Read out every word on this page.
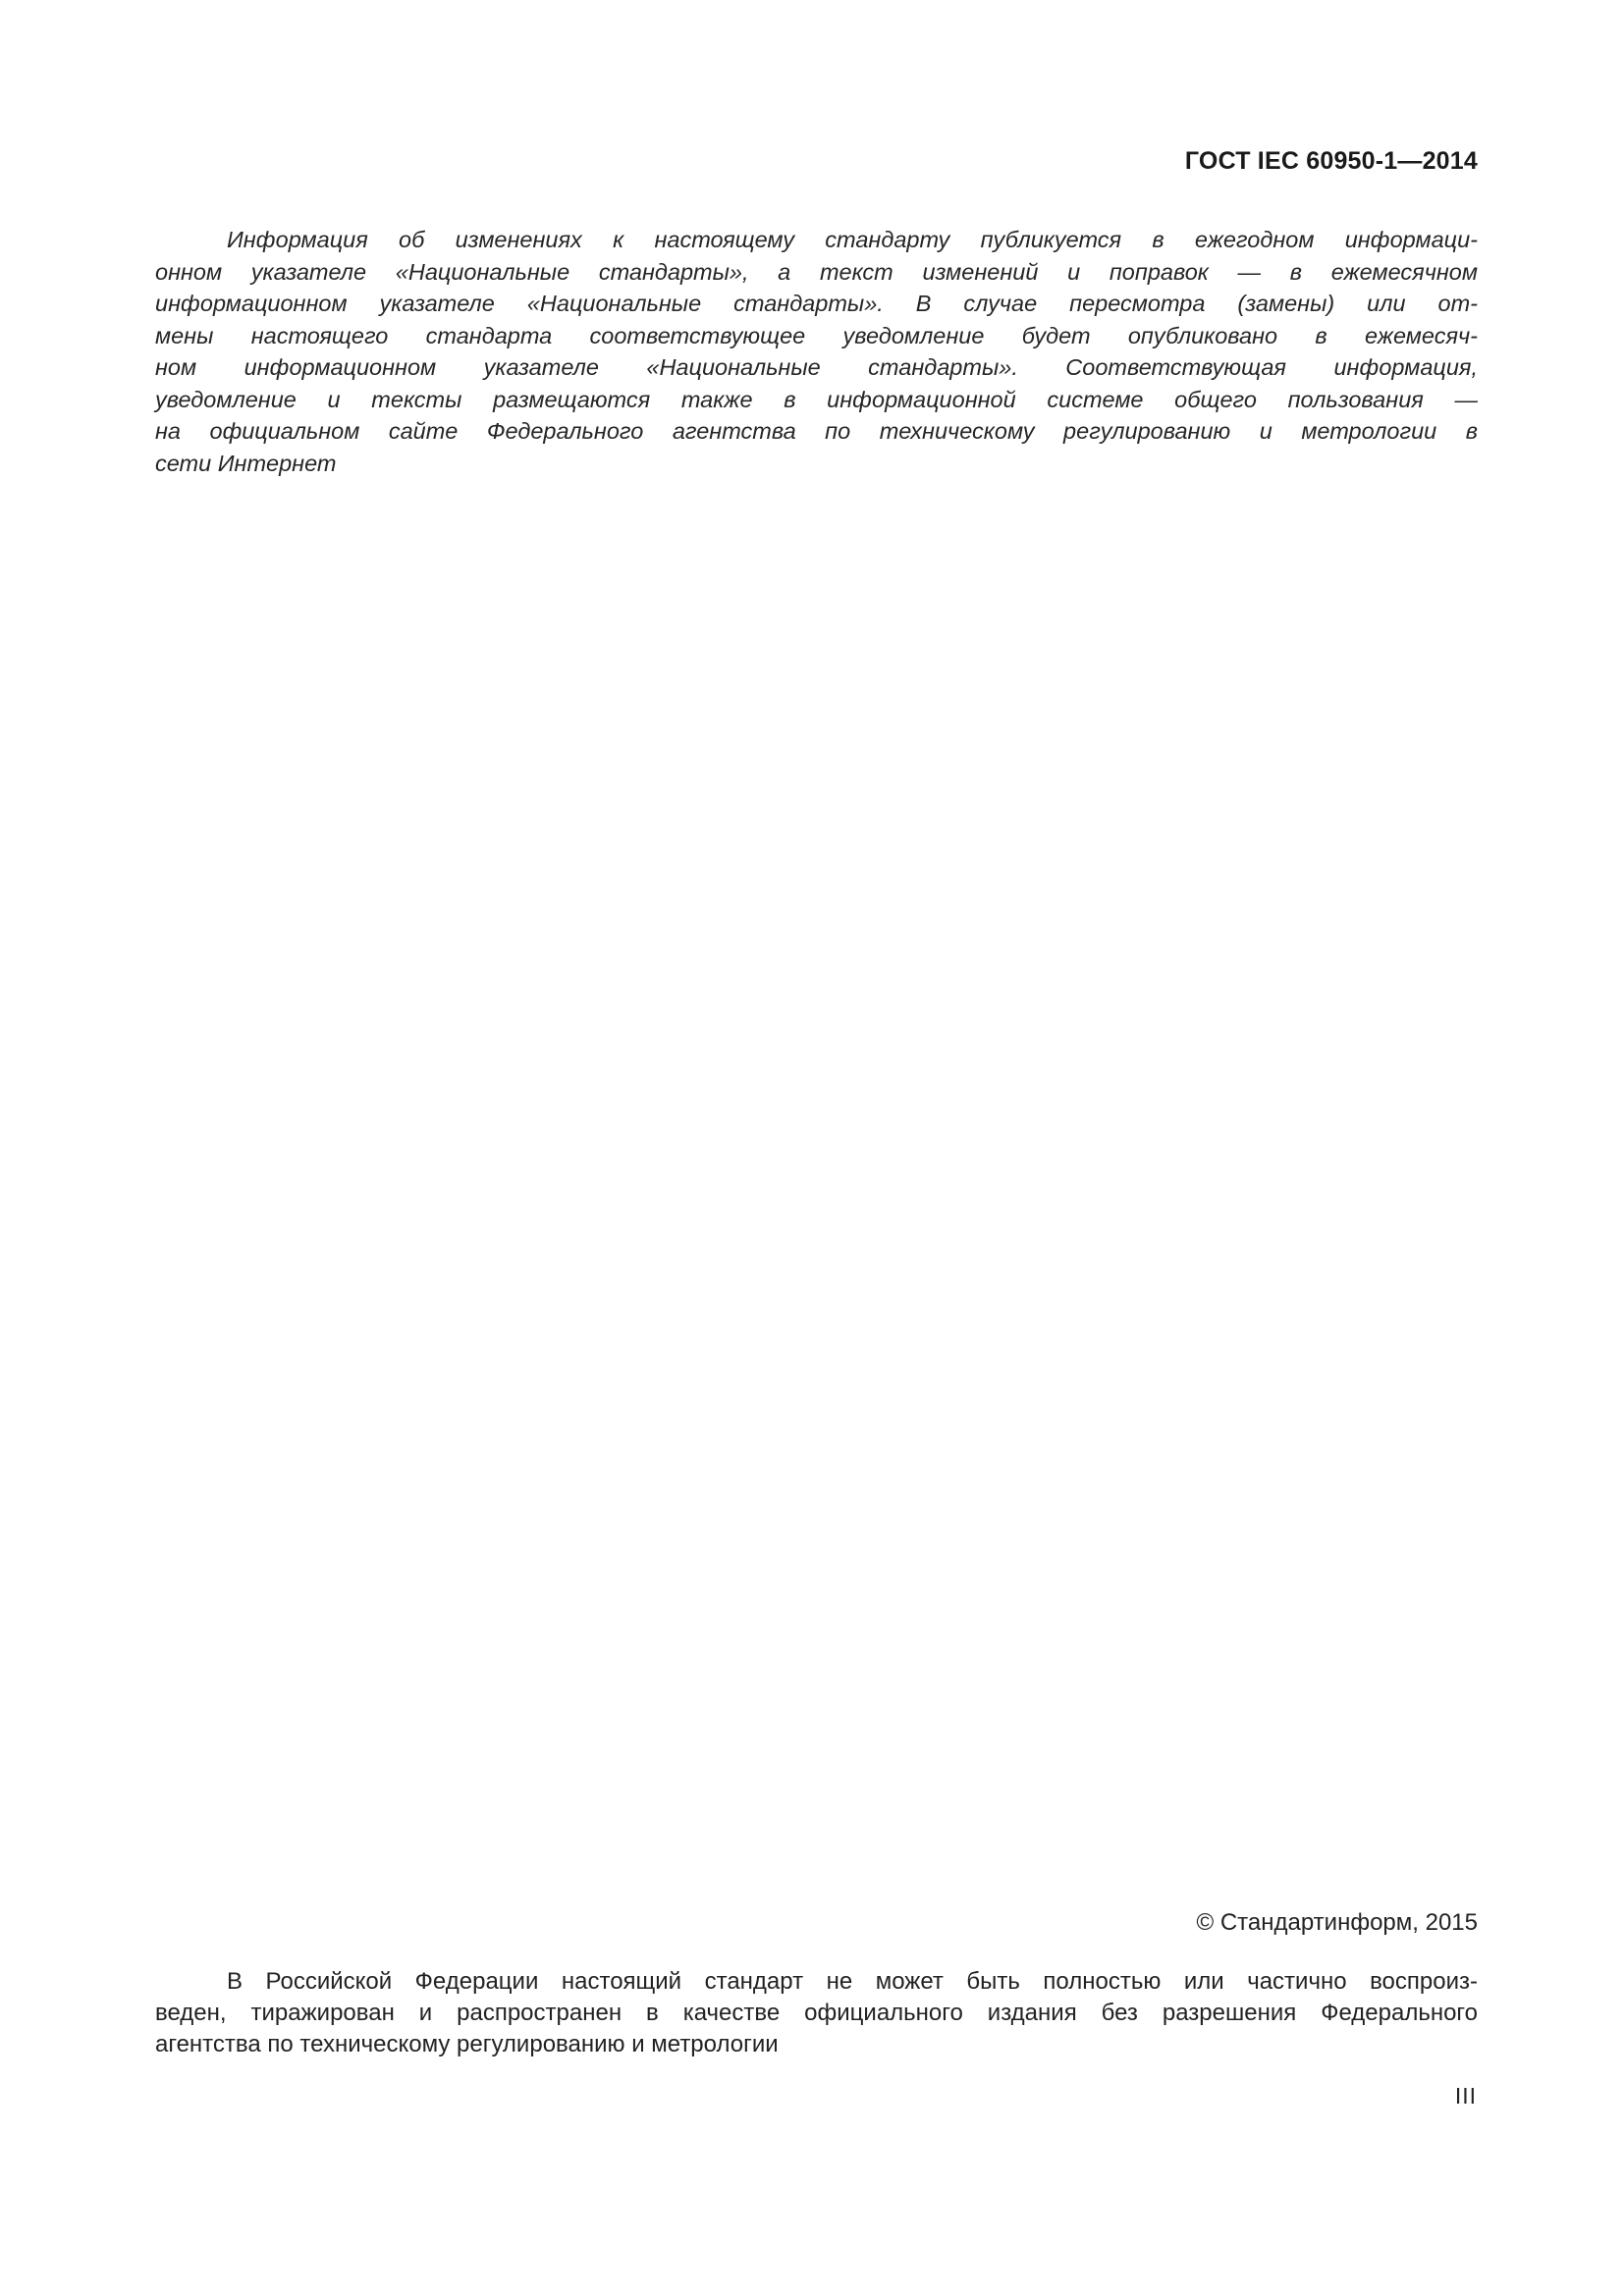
ГОСТ IEC 60950-1—2014
Информация об изменениях к настоящему стандарту публикуется в ежегодном информаци-
онном указателе «Национальные стандарты», а текст изменений и поправок — в ежемесячном
информационном указателе «Национальные стандарты». В случае пересмотра (замены) или от-
мены настоящего стандарта соответствующее уведомление будет опубликовано в ежемесяч-
ном информационном указателе «Национальные стандарты». Соответствующая информация,
уведомление и тексты размещаются также в информационной системе общего пользования —
на официальном сайте Федерального агентства по техническому регулированию и метрологии в
сети Интернет
© Стандартинформ, 2015
В Российской Федерации настоящий стандарт не может быть полностью или частично воспроиз-
веден, тиражирован и распространен в качестве официального издания без разрешения Федерального
агентства по техническому регулированию и метрологии
III
